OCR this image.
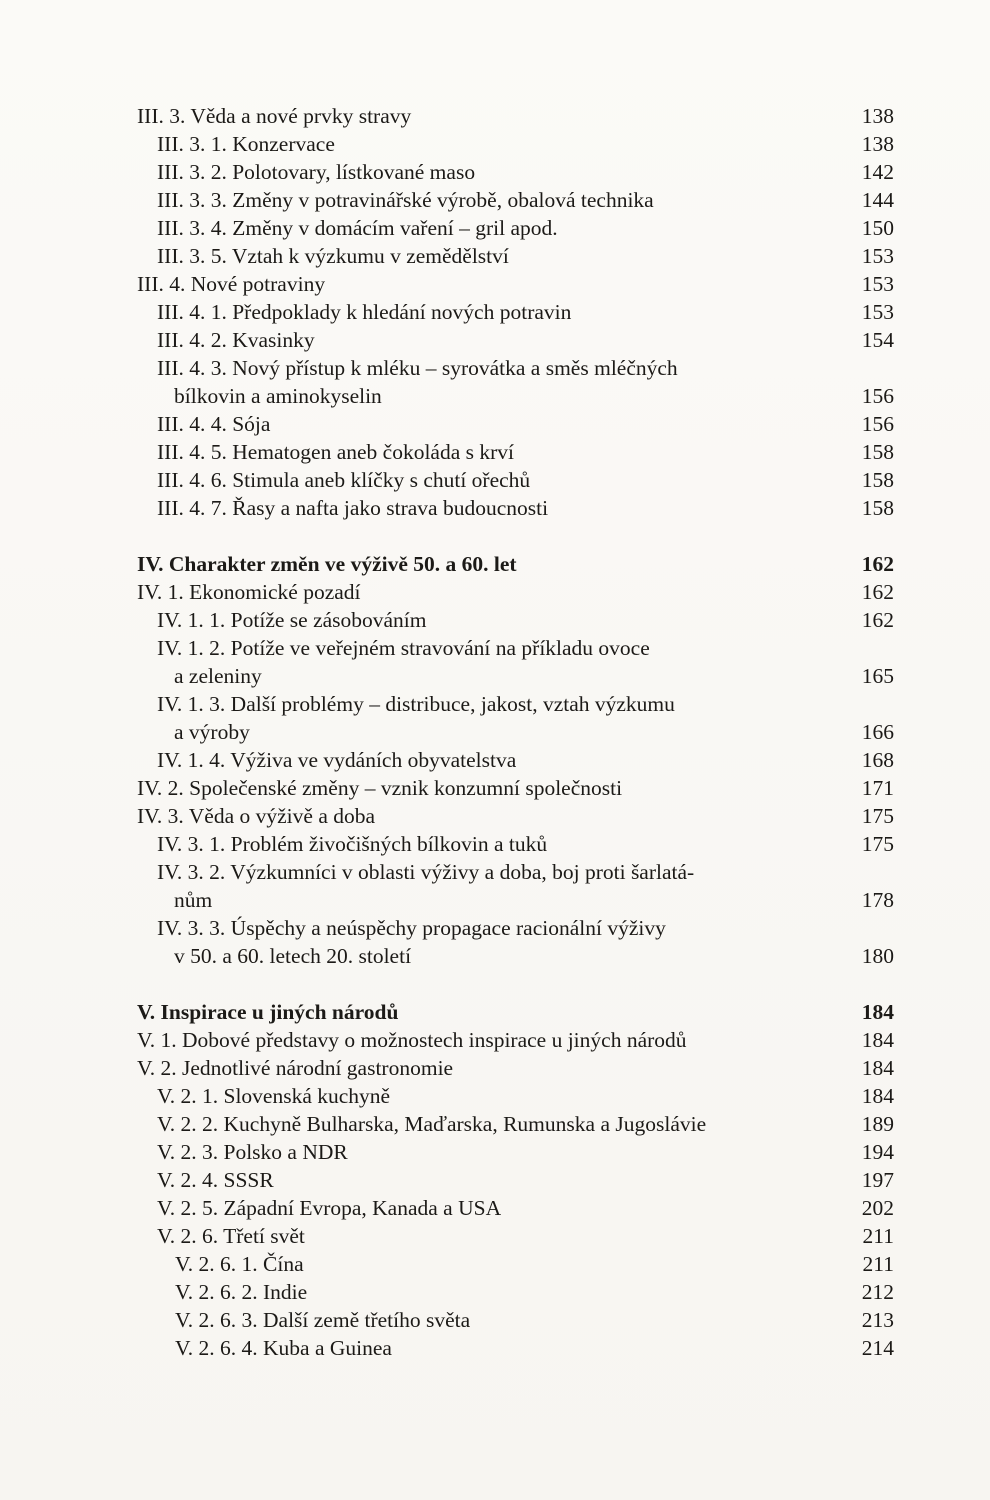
III. 3. Věda a nové prvky stravy	138
III. 3. 1. Konzervace	138
III. 3. 2. Polotovary, lístkované maso	142
III. 3. 3. Změny v potravinářské výrobě, obalová technika	144
III. 3. 4. Změny v domácím vaření – gril apod.	150
III. 3. 5. Vztah k výzkumu v zemědělství	153
III. 4. Nové potraviny	153
III. 4. 1. Předpoklady k hledání nových potravin	153
III. 4. 2. Kvasinky	154
III. 4. 3. Nový přístup k mléku – syrovátka a směs mléčných
bílkovin a aminokyselin	156
III. 4. 4. Sója	156
III. 4. 5. Hematogen aneb čokoláda s krví	158
III. 4. 6. Stimula aneb klíčky s chutí ořechů	158
III. 4. 7. Řasy a nafta jako strava budoucnosti	158
IV. Charakter změn ve výživě 50. a 60. let	162
IV. 1. Ekonomické pozadí	162
IV. 1. 1. Potíže se zásobováním	162
IV. 1. 2. Potíže ve veřejném stravování na příkladu ovoce
a zeleniny	165
IV. 1. 3. Další problémy – distribuce, jakost, vztah výzkumu
a výroby	166
IV. 1. 4. Výživa ve vydáních obyvatelstva	168
IV. 2. Společenské změny – vznik konzumní společnosti	171
IV. 3. Věda o výživě a doba	175
IV. 3. 1. Problém živočišných bílkovin a tuků	175
IV. 3. 2. Výzkumníci v oblasti výživy a doba, boj proti šarlatá-
nům	178
IV. 3. 3. Úspěchy a neúspěchy propagace racionální výživy
v 50. a 60. letech 20. století	180
V. Inspirace u jiných národů	184
V. 1. Dobové představy o možnostech inspirace u jiných národů	184
V. 2. Jednotlivé národní gastronomie	184
V. 2. 1. Slovenská kuchyně	184
V. 2. 2. Kuchyně Bulharska, Maďarska, Rumunska a Jugoslávie	189
V. 2. 3. Polsko a NDR	194
V. 2. 4. SSSR	197
V. 2. 5. Západní Evropa, Kanada a USA	202
V. 2. 6. Třetí svět	211
V. 2. 6. 1. Čína	211
V. 2. 6. 2. Indie	212
V. 2. 6. 3. Další země třetího světa	213
V. 2. 6. 4. Kuba a Guinea	214
